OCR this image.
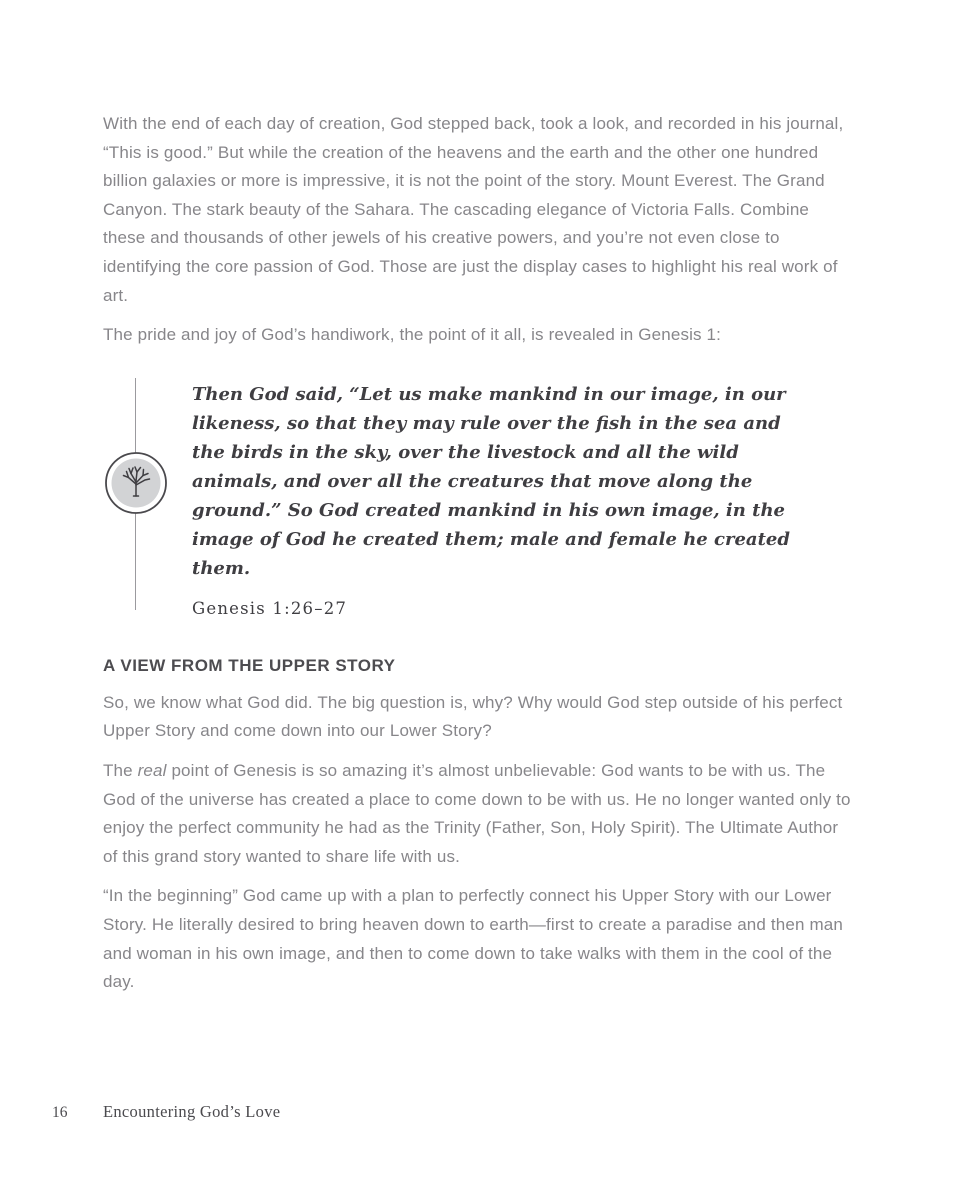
With the end of each day of creation, God stepped back, took a look, and recorded in his journal, “This is good.” But while the creation of the heavens and the earth and the other one hundred billion galaxies or more is impressive, it is not the point of the story. Mount Everest. The Grand Canyon. The stark beauty of the Sahara. The cascading elegance of Victoria Falls. Combine these and thousands of other jewels of his creative powers, and you’re not even close to identifying the core passion of God. Those are just the display cases to highlight his real work of art.

The pride and joy of God’s handiwork, the point of it all, is revealed in Genesis 1:

Then God said, “Let us make mankind in our image, in our likeness, so that they may rule over the fish in the sea and the birds in the sky, over the livestock and all the wild animals, and over all the creatures that move along the ground.” So God created mankind in his own image, in the image of God he created them; male and female he created them.

Genesis 1:26–27

A VIEW FROM THE UPPER STORY

So, we know what God did. The big question is, why? Why would God step outside of his perfect Upper Story and come down into our Lower Story?

The real point of Genesis is so amazing it’s almost unbelievable: God wants to be with us. The God of the universe has created a place to come down to be with us. He no longer wanted only to enjoy the perfect community he had as the Trinity (Father, Son, Holy Spirit). The Ultimate Author of this grand story wanted to share life with us.

“In the beginning” God came up with a plan to perfectly connect his Upper Story with our Lower Story. He literally desired to bring heaven down to earth—first to create a paradise and then man and woman in his own image, and then to come down to take walks with them in the cool of the day.

16	Encountering God’s Love
